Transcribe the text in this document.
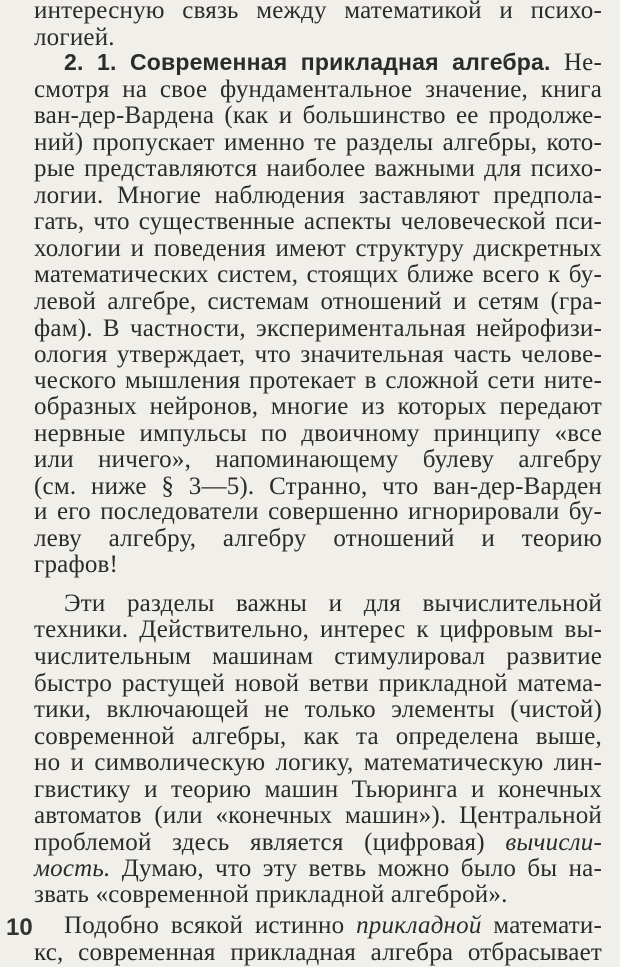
интересную связь между математикой и психо-
логией.
2. 1. Современная прикладная алгебра. Не-
смотря на свое фундаментальное значение, книга
ван-дер-Вардена (как и большинство ее продолже-
ний) пропускает именно те разделы алгебры, кото-
рые представляются наиболее важными для психо-
логии. Многие наблюдения заставляют предпола-
гать, что существенные аспекты человеческой пси-
хологии и поведения имеют структуру дискретных
математических систем, стоящих ближе всего к бу-
левой алгебре, системам отношений и сетям (гра-
фам). В частности, экспериментальная нейрофизи-
ология утверждает, что значительная часть челове-
ческого мышления протекает в сложной сети ните-
образных нейронов, многие из которых передают
нервные импульсы по двоичному принципу «все
или ничего», напоминающему булеву алгебру
(см. ниже § 3—5). Странно, что ван-дер-Варден
и его последователи совершенно игнорировали бу-
леву алгебру, алгебру отношений и теорию
графов!
Эти разделы важны и для вычислительной
техники. Действительно, интерес к цифровым вы-
числительным машинам стимулировал развитие
быстро растущей новой ветви прикладной матема-
тики, включающей не только элементы (чистой)
современной алгебры, как та определена выше,
но и символическую логику, математическую лин-
гвистику и теорию машин Тьюринга и конечных
автоматов (или «конечных машин»). Центральной
проблемой здесь является (цифровая) вычисли-
мость. Думаю, что эту ветвь можно было бы на-
звать «современной прикладной алгеброй».
Подобно всякой истинно прикладной математи-
кс, современная прикладная алгебра отбрасывает
10
